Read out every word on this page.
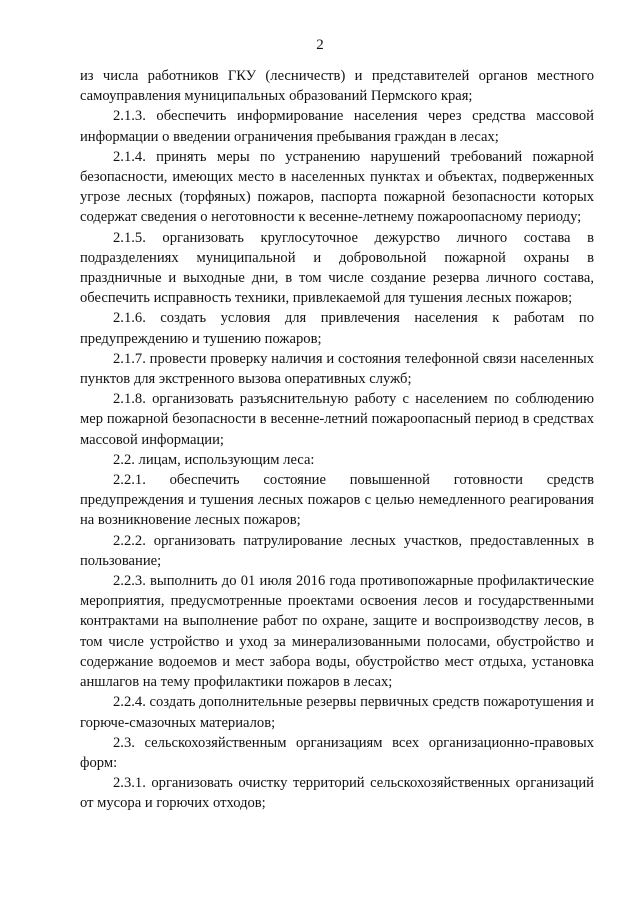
2

из числа работников ГКУ (лесничеств) и представителей органов местного самоуправления муниципальных образований Пермского края;

2.1.3. обеспечить информирование населения через средства массовой информации о введении ограничения пребывания граждан в лесах;

2.1.4. принять меры по устранению нарушений требований пожарной безопасности, имеющих место в населенных пунктах и объектах, подверженных угрозе лесных (торфяных) пожаров, паспорта пожарной безопасности которых содержат сведения о неготовности к весенне-летнему пожароопасному периоду;

2.1.5. организовать круглосуточное дежурство личного состава в подразделениях муниципальной и добровольной пожарной охраны в праздничные и выходные дни, в том числе создание резерва личного состава, обеспечить исправность техники, привлекаемой для тушения лесных пожаров;

2.1.6. создать условия для привлечения населения к работам по предупреждению и тушению пожаров;

2.1.7. провести проверку наличия и состояния телефонной связи населенных пунктов для экстренного вызова оперативных служб;

2.1.8. организовать разъяснительную работу с населением по соблюдению мер пожарной безопасности в весенне-летний пожароопасный период в средствах массовой информации;

2.2. лицам, использующим леса:

2.2.1. обеспечить состояние повышенной готовности средств предупреждения и тушения лесных пожаров с целью немедленного реагирования на возникновение лесных пожаров;

2.2.2. организовать патрулирование лесных участков, предоставленных в пользование;

2.2.3. выполнить до 01 июля 2016 года противопожарные профилактические мероприятия, предусмотренные проектами освоения лесов и государственными контрактами на выполнение работ по охране, защите и воспроизводству лесов, в том числе устройство и уход за минерализованными полосами, обустройство и содержание водоемов и мест забора воды, обустройство мест отдыха, установка аншлагов на тему профилактики пожаров в лесах;

2.2.4. создать дополнительные резервы первичных средств пожаротушения и горюче-смазочных материалов;

2.3. сельскохозяйственным организациям всех организационно-правовых форм:

2.3.1. организовать очистку территорий сельскохозяйственных организаций от мусора и горючих отходов;
